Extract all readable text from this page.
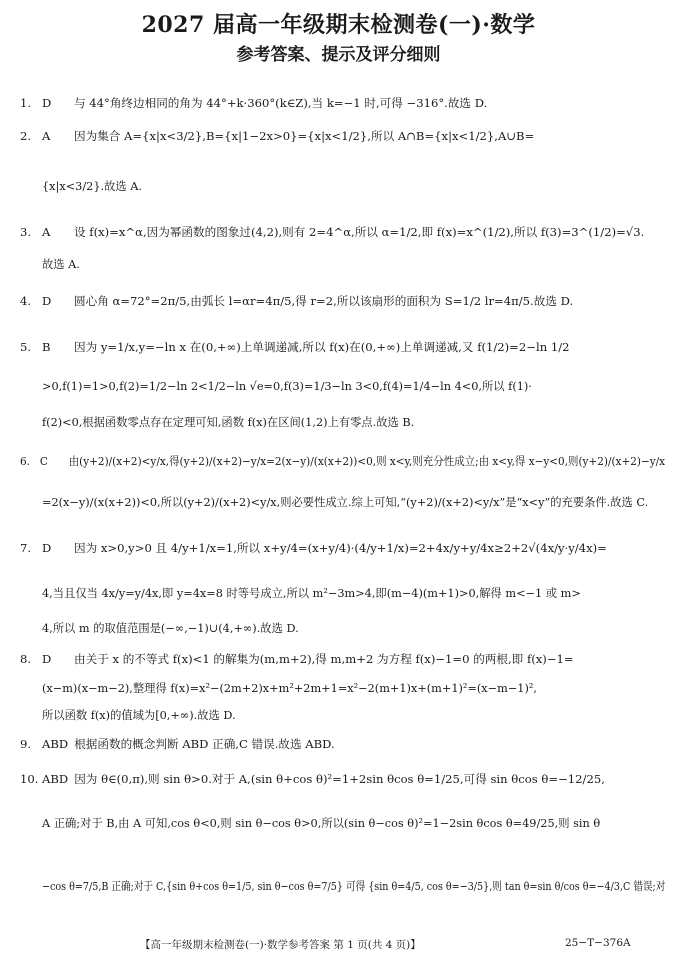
2027 届高一年级期末检测卷(一)·数学
参考答案、提示及评分细则
1. D 与 44°角终边相同的角为 44°+k·360°(k∈Z),当 k=−1 时,可得 −316°.故选 D.
2. A 因为集合 A={x|x<3/2},B={x|1−2x>0}={x|x<1/2},所以 A∩B={x|x<1/2},A∪B=
{x|x<3/2}.故选 A.
3. A 设 f(x)=x^α,因为幂函数的图象过(4,2),则有 2=4^α,所以 α=1/2,即 f(x)=x^(1/2),所以 f(3)=3^(1/2)=√3.
故选 A.
4. D 圆心角 α=72°=2π/5,由弧长 l=αr=4π/5,得 r=2,所以该扇形的面积为 S=1/2 lr=4π/5.故选 D.
5. B 因为 y=1/x,y=−ln x 在(0,+∞)上单调递减,所以 f(x)在(0,+∞)上单调递减,又 f(1/2)=2−ln 1/2
>0,f(1)=1>0,f(2)=1/2−ln 2<1/2−ln √e=0,f(3)=1/3−ln 3<0,f(4)=1/4−ln 4<0,所以 f(1)·
f(2)<0,根据函数零点存在定理可知,函数 f(x)在区间(1,2)上有零点.故选 B.
6. C 由(y+2)/(x+2)<y/x,得(y+2)/(x+2)−y/x=2(x−y)/(x(x+2))<0,则 x<y,则充分性成立;由 x<y,得 x−y<0,则(y+2)/(x+2)−y/x
=2(x−y)/(x(x+2))<0,所以(y+2)/(x+2)<y/x,则必要性成立.综上可知,“(y+2)/(x+2)<y/x”是“x<y”的充要条件.故选 C.
7. D 因为 x>0,y>0 且 4/y+1/x=1,所以 x+y/4=(x+y/4)·(4/y+1/x)=2+4x/y+y/4x≥2+2√(4x/y·y/4x)=
4,当且仅当 4x/y=y/4x,即 y=4x=8 时等号成立,所以 m²−3m>4,即(m−4)(m+1)>0,解得 m<−1 或 m>
4,所以 m 的取值范围是(−∞,−1)∪(4,+∞).故选 D.
8. D 由关于 x 的不等式 f(x)<1 的解集为(m,m+2),得 m,m+2 为方程 f(x)−1=0 的两根,即 f(x)−1=
(x−m)(x−m−2),整理得 f(x)=x²−(2m+2)x+m²+2m+1=x²−2(m+1)x+(m+1)²=(x−m−1)²,
所以函数 f(x)的值域为[0,+∞).故选 D.
9. ABD 根据函数的概念判断 ABD 正确,C 错误.故选 ABD.
10. ABD 因为 θ∈(0,π),则 sin θ>0.对于 A,(sin θ+cos θ)²=1+2sin θcos θ=1/25,可得 sin θcos θ=−12/25,
A 正确;对于 B,由 A 可知,cos θ<0,则 sin θ−cos θ>0,所以(sin θ−cos θ)²=1−2sin θcos θ=49/25,则 sin θ
−cos θ=7/5,B 正确;对于 C,{sin θ+cos θ=1/5, sin θ−cos θ=7/5} 可得 {sin θ=4/5, cos θ=−3/5},则 tan θ=sin θ/cos θ=−4/3,C 错误;对
【高一年级期末检测卷(一)·数学参考答案 第 1 页(共 4 页)】	25−T−376A
